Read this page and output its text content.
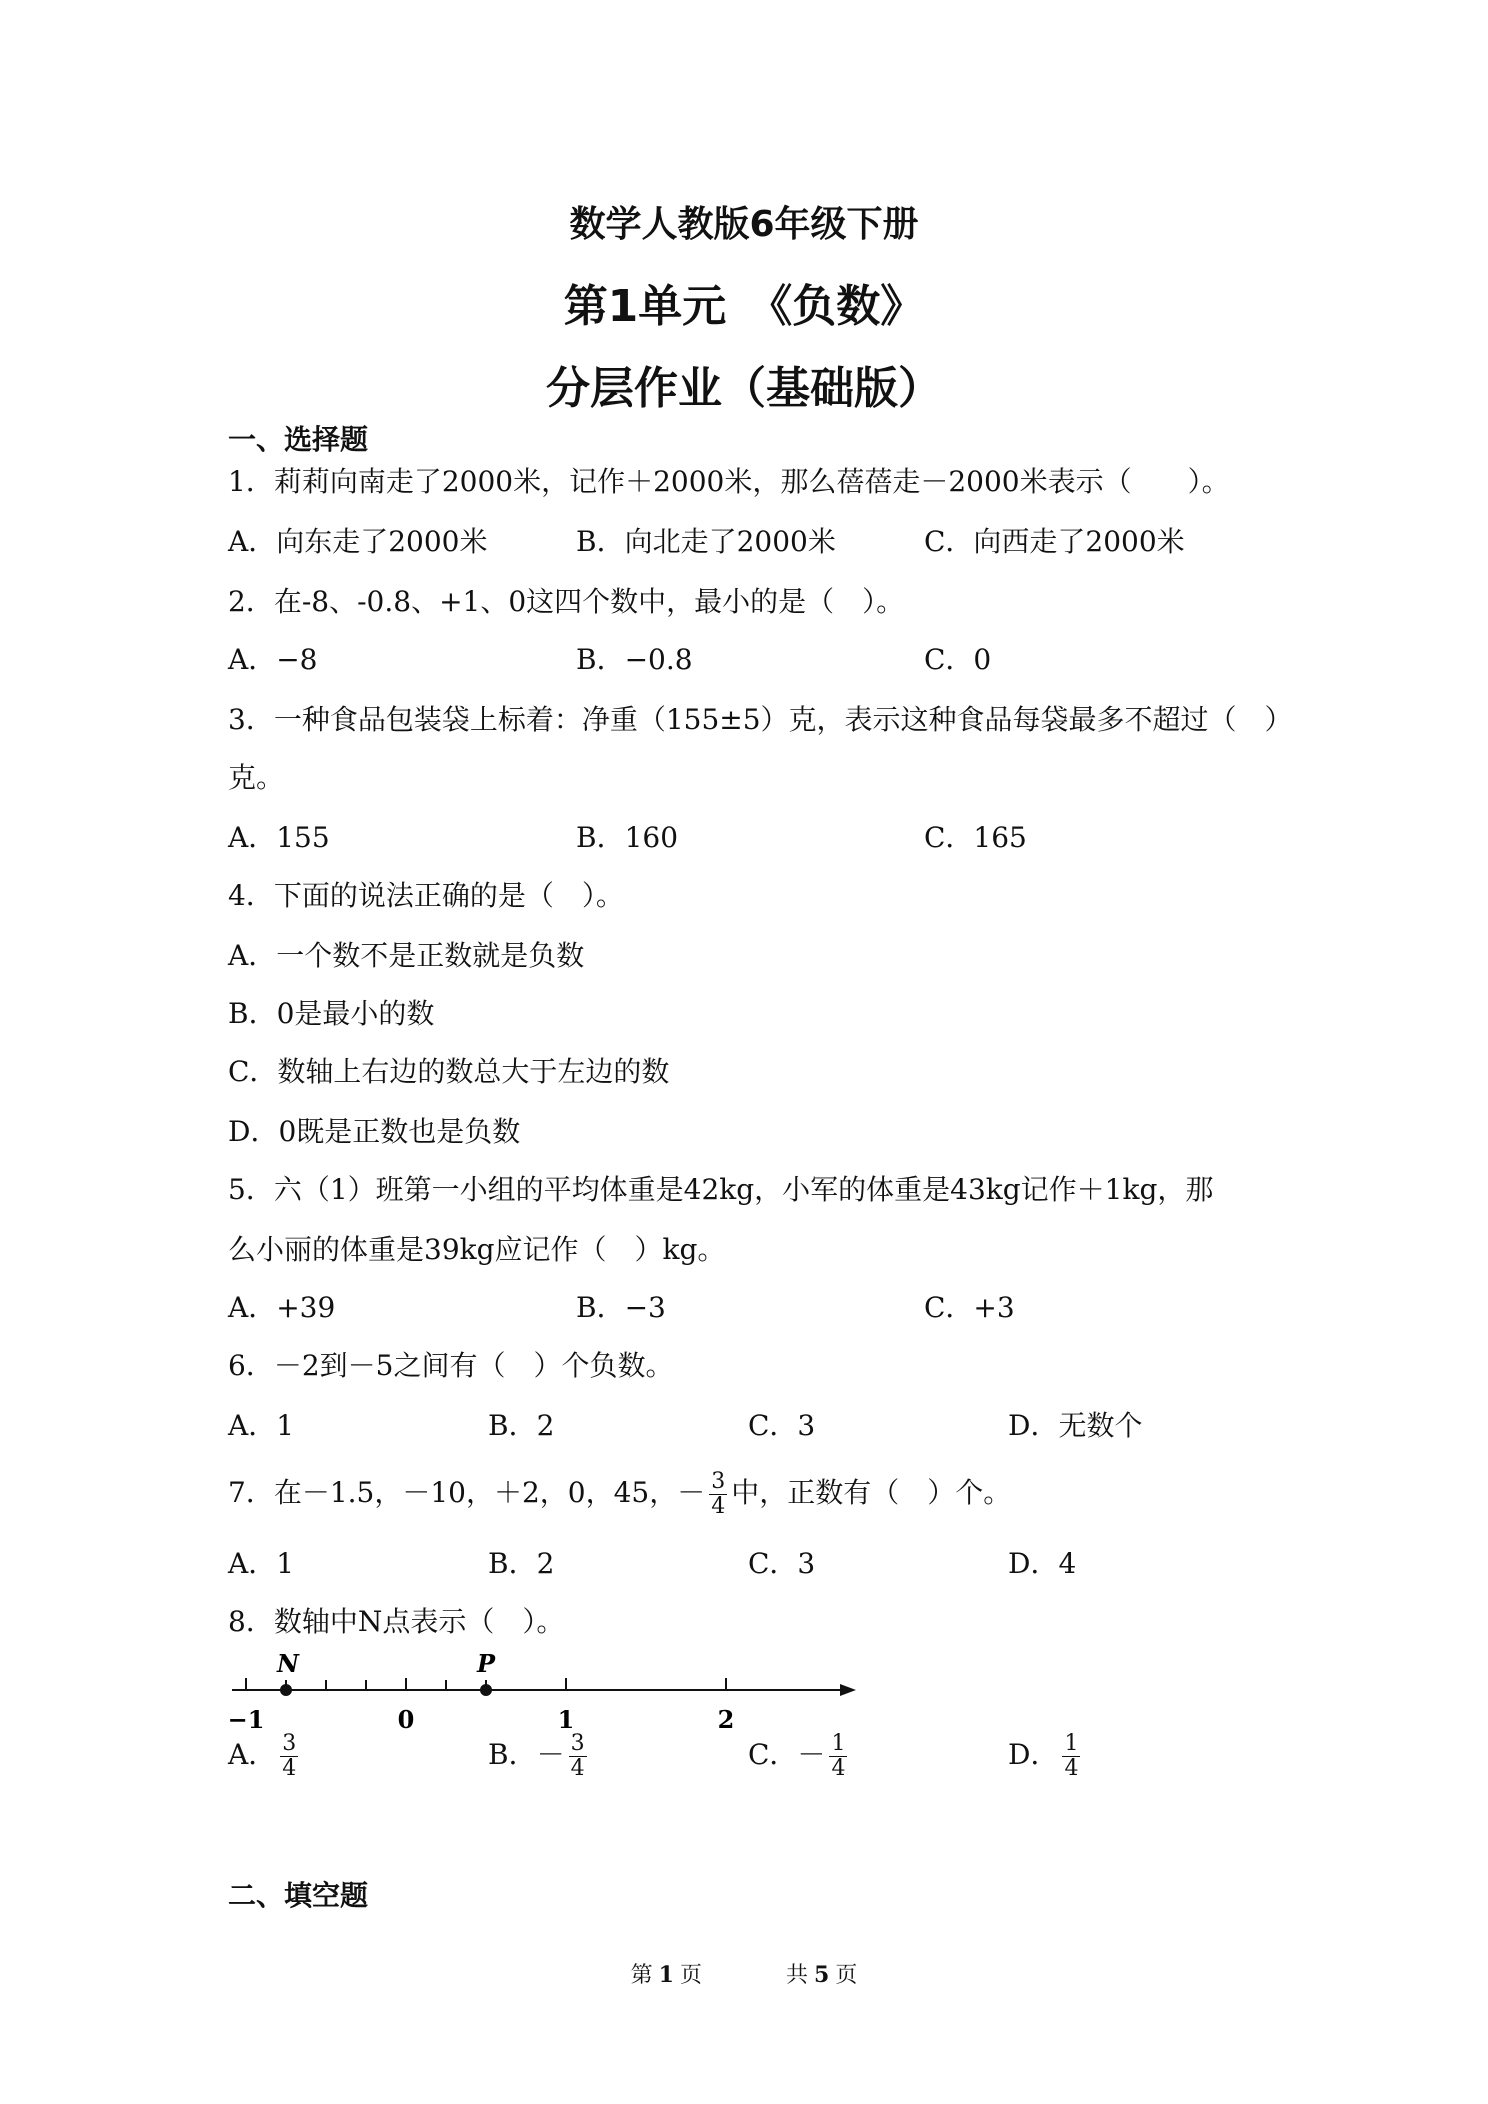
数学人教版6年级下册
第1单元　《负数》
分层作业（基础版）
一、选择题
1．莉莉向南走了2000米，记作＋2000米，那么蓓蓓走－2000米表示（　　）。
A．向东走了2000米	B．向北走了2000米	C．向西走了2000米
2．在-8、-0.8、+1、0这四个数中，最小的是（　）。
A．−8	B．−0.8	C．0
3．一种食品包装袋上标着：净重（155±5）克，表示这种食品每袋最多不超过（　）
克。
A．155	B．160	C．165
4．下面的说法正确的是（　）。
A．一个数不是正数就是负数
B．0是最小的数
C．数轴上右边的数总大于左边的数
D．0既是正数也是负数
5．六（1）班第一小组的平均体重是42kg，小军的体重是43kg记作＋1kg，那
么小丽的体重是39kg应记作（　）kg。
A．+39	B．−3	C．+3
6．－2到－5之间有（　）个负数。
A．1	B．2	C．3	D．无数个
7．在－1.5，－10，＋2，0，45，－ $\frac{3}{4}$ 中，正数有（　）个。
A．1	B．2	C．3	D．4
8．数轴中N点表示（　）。
−1	0	1	2
N	P
A． $\frac{3}{4}$	B．－ $\frac{3}{4}$	C．－ $\frac{1}{4}$	D． $\frac{1}{4}$
二、填空题
第 1 页	共 5 页
